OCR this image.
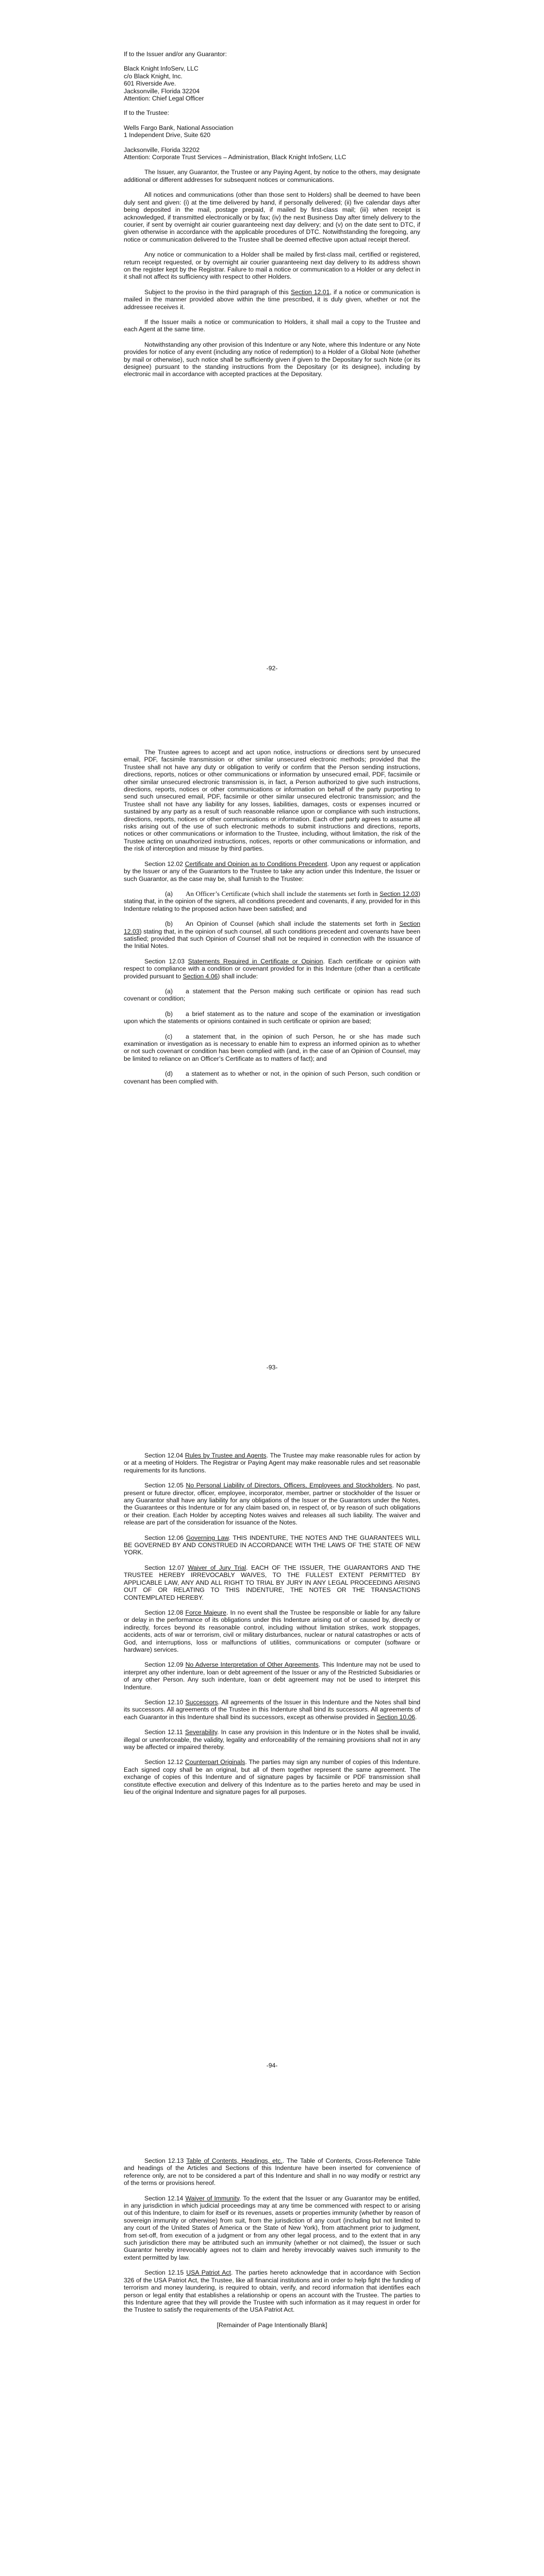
If to the Issuer and/or any Guarantor:

Black Knight InfoServ, LLC

c/o Black Knight, Inc.

601 Riverside Ave.

Jacksonville, Florida 32204

Attention: Chief Legal Officer

If to the Trustee:

Wells Fargo Bank, National Association

1 Independent Drive, Suite 620

Jacksonville, Florida 32202

Attention: Corporate Trust Services – Administration, Black Knight InfoServ, LLC

The Issuer, any Guarantor, the Trustee or any Paying Agent, by notice to the others, may designate additional or different addresses for subsequent notices or communications.

All notices and communications (other than those sent to Holders) shall be deemed to have been duly sent and given: (i) at the time delivered by hand, if personally delivered; (ii) five calendar days after being deposited in the mail, postage prepaid, if mailed by first-class mail; (iii) when receipt is acknowledged, if transmitted electronically or by fax; (iv) the next Business Day after timely delivery to the courier, if sent by overnight air courier guaranteeing next day delivery; and (v) on the date sent to DTC, if given otherwise in accordance with the applicable procedures of DTC. Notwithstanding the foregoing, any notice or communication delivered to the Trustee shall be deemed effective upon actual receipt thereof.

Any notice or communication to a Holder shall be mailed by first-class mail, certified or registered, return receipt requested, or by overnight air courier guaranteeing next day delivery to its address shown on the register kept by the Registrar. Failure to mail a notice or communication to a Holder or any defect in it shall not affect its sufficiency with respect to other Holders.

Subject to the proviso in the third paragraph of this Section 12.01, if a notice or communication is mailed in the manner provided above within the time prescribed, it is duly given, whether or not the addressee receives it.

If the Issuer mails a notice or communication to Holders, it shall mail a copy to the Trustee and each Agent at the same time.

Notwithstanding any other provision of this Indenture or any Note, where this Indenture or any Note provides for notice of any event (including any notice of redemption) to a Holder of a Global Note (whether by mail or otherwise), such notice shall be sufficiently given if given to the Depositary for such Note (or its designee) pursuant to the standing instructions from the Depositary (or its designee), including by electronic mail in accordance with accepted practices at the Depositary.

-92-

The Trustee agrees to accept and act upon notice, instructions or directions sent by unsecured email, PDF, facsimile transmission or other similar unsecured electronic methods; provided that the Trustee shall not have any duty or obligation to verify or confirm that the Person sending instructions, directions, reports, notices or other communications or information by unsecured email, PDF, facsimile or other similar unsecured electronic transmission is, in fact, a Person authorized to give such instructions, directions, reports, notices or other communications or information on behalf of the party purporting to send such unsecured email, PDF, facsimile or other similar unsecured electronic transmission; and the Trustee shall not have any liability for any losses, liabilities, damages, costs or expenses incurred or sustained by any party as a result of such reasonable reliance upon or compliance with such instructions, directions, reports, notices or other communications or information. Each other party agrees to assume all risks arising out of the use of such electronic methods to submit instructions and directions, reports, notices or other communications or information to the Trustee, including, without limitation, the risk of the Trustee acting on unauthorized instructions, notices, reports or other communications or information, and the risk of interception and misuse by third parties.

Section 12.02 Certificate and Opinion as to Conditions Precedent. Upon any request or application by the Issuer or any of the Guarantors to the Trustee to take any action under this Indenture, the Issuer or such Guarantor, as the case may be, shall furnish to the Trustee:

(a) An Officer’s Certificate (which shall include the statements set forth in Section 12.03) stating that, in the opinion of the signers, all conditions precedent and covenants, if any, provided for in this Indenture relating to the proposed action have been satisfied; and

(b) An Opinion of Counsel (which shall include the statements set forth in Section 12.03) stating that, in the opinion of such counsel, all such conditions precedent and covenants have been satisfied; provided that such Opinion of Counsel shall not be required in connection with the issuance of the Initial Notes.

Section 12.03 Statements Required in Certificate or Opinion. Each certificate or opinion with respect to compliance with a condition or covenant provided for in this Indenture (other than a certificate provided pursuant to Section 4.06) shall include:

(a) a statement that the Person making such certificate or opinion has read such covenant or condition;

(b) a brief statement as to the nature and scope of the examination or investigation upon which the statements or opinions contained in such certificate or opinion are based;

(c) a statement that, in the opinion of such Person, he or she has made such examination or investigation as is necessary to enable him to express an informed opinion as to whether or not such covenant or condition has been complied with (and, in the case of an Opinion of Counsel, may be limited to reliance on an Officer’s Certificate as to matters of fact); and

(d) a statement as to whether or not, in the opinion of such Person, such condition or covenant has been complied with.

-93-

Section 12.04 Rules by Trustee and Agents. The Trustee may make reasonable rules for action by or at a meeting of Holders. The Registrar or Paying Agent may make reasonable rules and set reasonable requirements for its functions.

Section 12.05 No Personal Liability of Directors, Officers, Employees and Stockholders. No past, present or future director, officer, employee, incorporator, member, partner or stockholder of the Issuer or any Guarantor shall have any liability for any obligations of the Issuer or the Guarantors under the Notes, the Guarantees or this Indenture or for any claim based on, in respect of, or by reason of such obligations or their creation. Each Holder by accepting Notes waives and releases all such liability. The waiver and release are part of the consideration for issuance of the Notes.

Section 12.06 Governing Law. THIS INDENTURE, THE NOTES AND THE GUARANTEES WILL BE GOVERNED BY AND CONSTRUED IN ACCORDANCE WITH THE LAWS OF THE STATE OF NEW YORK.

Section 12.07 Waiver of Jury Trial. EACH OF THE ISSUER, THE GUARANTORS AND THE TRUSTEE HEREBY IRREVOCABLY WAIVES, TO THE FULLEST EXTENT PERMITTED BY APPLICABLE LAW, ANY AND ALL RIGHT TO TRIAL BY JURY IN ANY LEGAL PROCEEDING ARISING OUT OF OR RELATING TO THIS INDENTURE, THE NOTES OR THE TRANSACTIONS CONTEMPLATED HEREBY.

Section 12.08 Force Majeure. In no event shall the Trustee be responsible or liable for any failure or delay in the performance of its obligations under this Indenture arising out of or caused by, directly or indirectly, forces beyond its reasonable control, including without limitation strikes, work stoppages, accidents, acts of war or terrorism, civil or military disturbances, nuclear or natural catastrophes or acts of God, and interruptions, loss or malfunctions of utilities, communications or computer (software or hardware) services.

Section 12.09 No Adverse Interpretation of Other Agreements. This Indenture may not be used to interpret any other indenture, loan or debt agreement of the Issuer or any of the Restricted Subsidiaries or of any other Person. Any such indenture, loan or debt agreement may not be used to interpret this Indenture.

Section 12.10 Successors. All agreements of the Issuer in this Indenture and the Notes shall bind its successors. All agreements of the Trustee in this Indenture shall bind its successors. All agreements of each Guarantor in this Indenture shall bind its successors, except as otherwise provided in Section 10.06.

Section 12.11 Severability. In case any provision in this Indenture or in the Notes shall be invalid, illegal or unenforceable, the validity, legality and enforceability of the remaining provisions shall not in any way be affected or impaired thereby.

Section 12.12 Counterpart Originals. The parties may sign any number of copies of this Indenture. Each signed copy shall be an original, but all of them together represent the same agreement. The exchange of copies of this Indenture and of signature pages by facsimile or PDF transmission shall constitute effective execution and delivery of this Indenture as to the parties hereto and may be used in lieu of the original Indenture and signature pages for all purposes.

-94-

Section 12.13 Table of Contents, Headings, etc.. The Table of Contents, Cross-Reference Table and headings of the Articles and Sections of this Indenture have been inserted for convenience of reference only, are not to be considered a part of this Indenture and shall in no way modify or restrict any of the terms or provisions hereof.

Section 12.14 Waiver of Immunity. To the extent that the Issuer or any Guarantor may be entitled, in any jurisdiction in which judicial proceedings may at any time be commenced with respect to or arising out of this Indenture, to claim for itself or its revenues, assets or properties immunity (whether by reason of sovereign immunity or otherwise) from suit, from the jurisdiction of any court (including but not limited to any court of the United States of America or the State of New York), from attachment prior to judgment, from set-off, from execution of a judgment or from any other legal process, and to the extent that in any such jurisdiction there may be attributed such an immunity (whether or not claimed), the Issuer or such Guarantor hereby irrevocably agrees not to claim and hereby irrevocably waives such immunity to the extent permitted by law.

Section 12.15 USA Patriot Act. The parties hereto acknowledge that in accordance with Section 326 of the USA Patriot Act, the Trustee, like all financial institutions and in order to help fight the funding of terrorism and money laundering, is required to obtain, verify, and record information that identifies each person or legal entity that establishes a relationship or opens an account with the Trustee. The parties to this Indenture agree that they will provide the Trustee with such information as it may request in order for the Trustee to satisfy the requirements of the USA Patriot Act.

[Remainder of Page Intentionally Blank]
